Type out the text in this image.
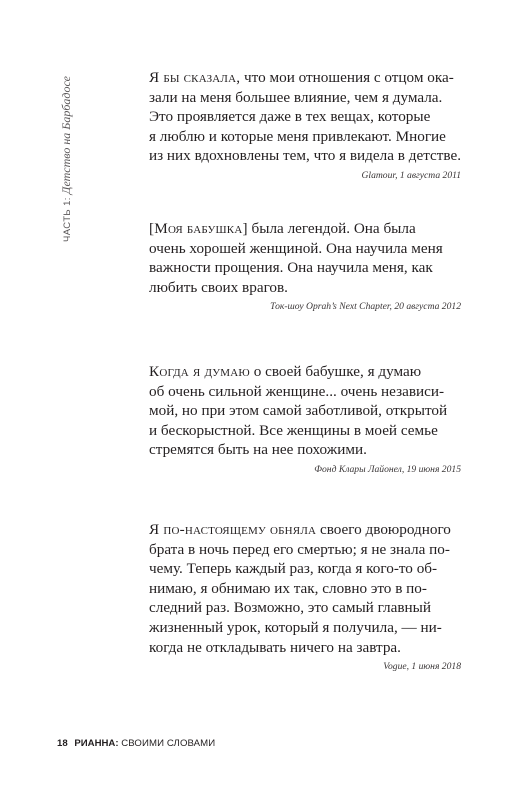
ЧАСТЬ 1: Детство на Барбадосе	Я бы сказала, что мои отношения с отцом ока-
зали на меня большее влияние, чем я думала.
Это проявляется даже в тех вещах, которые
я люблю и которые меня привлекают. Многие
из них вдохновлены тем, что я видела в детстве.

Glamour, 1 августа 2011

[Моя бабушка] была легендой. Она была
очень хорошей женщиной. Она научила меня
важности прощения. Она научила меня, как
любить своих врагов.

Ток-шоу Oprah’s Next Chapter, 20 августа 2012

Когда я думаю о своей бабушке, я думаю
об очень сильной женщине... очень независи-
мой, но при этом самой заботливой, открытой
и бескорыстной. Все женщины в моей семье
стремятся быть на нее похожими.

Фонд Клары Лайонел, 19 июня 2015

Я по-настоящему обняла своего двоюродного
брата в ночь перед его смертью; я не знала по-
чему. Теперь каждый раз, когда я кого-то об-
нимаю, я обнимаю их так, словно это в по-
следний раз. Возможно, это самый главный
жизненный урок, который я получила, — ни-
когда не откладывать ничего на завтра.

Vogue, 1 июня 2018
18 РИАННА: СВОИМИ СЛОВАМИ
